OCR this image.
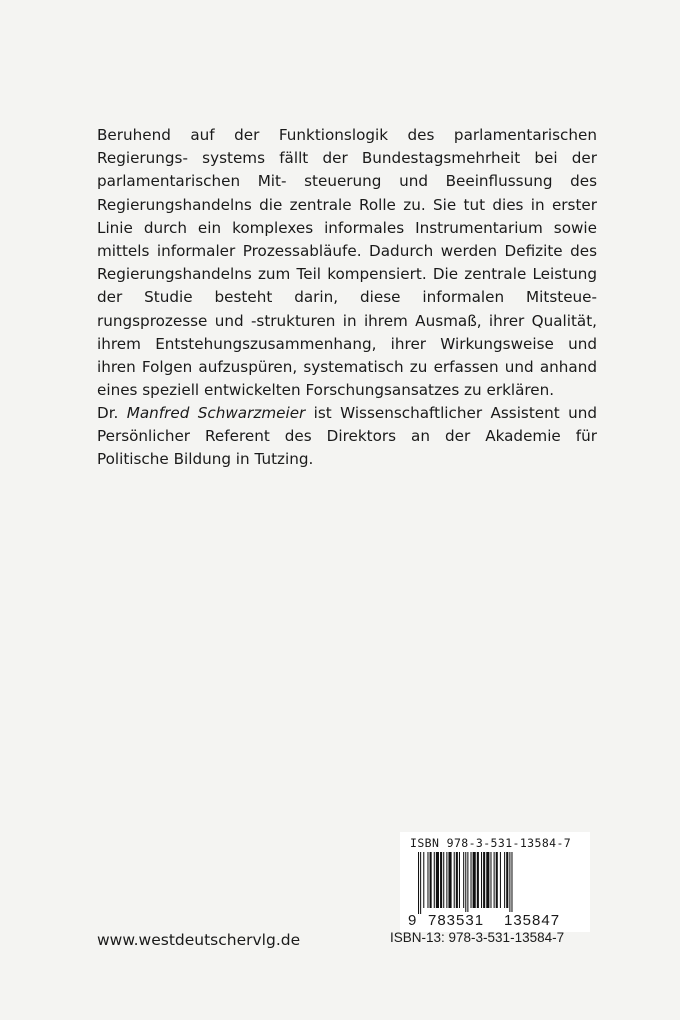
Beruhend auf der Funktionslogik des parlamentarischen Regierungs- systems fällt der Bundestagsmehrheit bei der parlamentarischen Mit- steuerung und Beeinflussung des Regierungshandelns die zentrale Rolle zu. Sie tut dies in erster Linie durch ein komplexes informales Instrumentarium sowie mittels informaler Prozessabläufe. Dadurch werden Defizite des Regierungshandelns zum Teil kompensiert. Die zentrale Leistung der Studie besteht darin, diese informalen Mitsteue- rungsprozesse und -strukturen in ihrem Ausmaß, ihrer Qualität, ihrem Entstehungszusammenhang, ihrer Wirkungsweise und ihren Folgen aufzuspüren, systematisch zu erfassen und anhand eines speziell entwickelten Forschungsansatzes zu erklären.

Dr. Manfred Schwarzmeier ist Wissenschaftlicher Assistent und Persönlicher Referent des Direktors an der Akademie für Politische Bildung in Tutzing.

ISBN 978-3-531-13584-7
9 783531 135847
ISBN-13: 978-3-531-13584-7
www.westdeutschervlg.de
